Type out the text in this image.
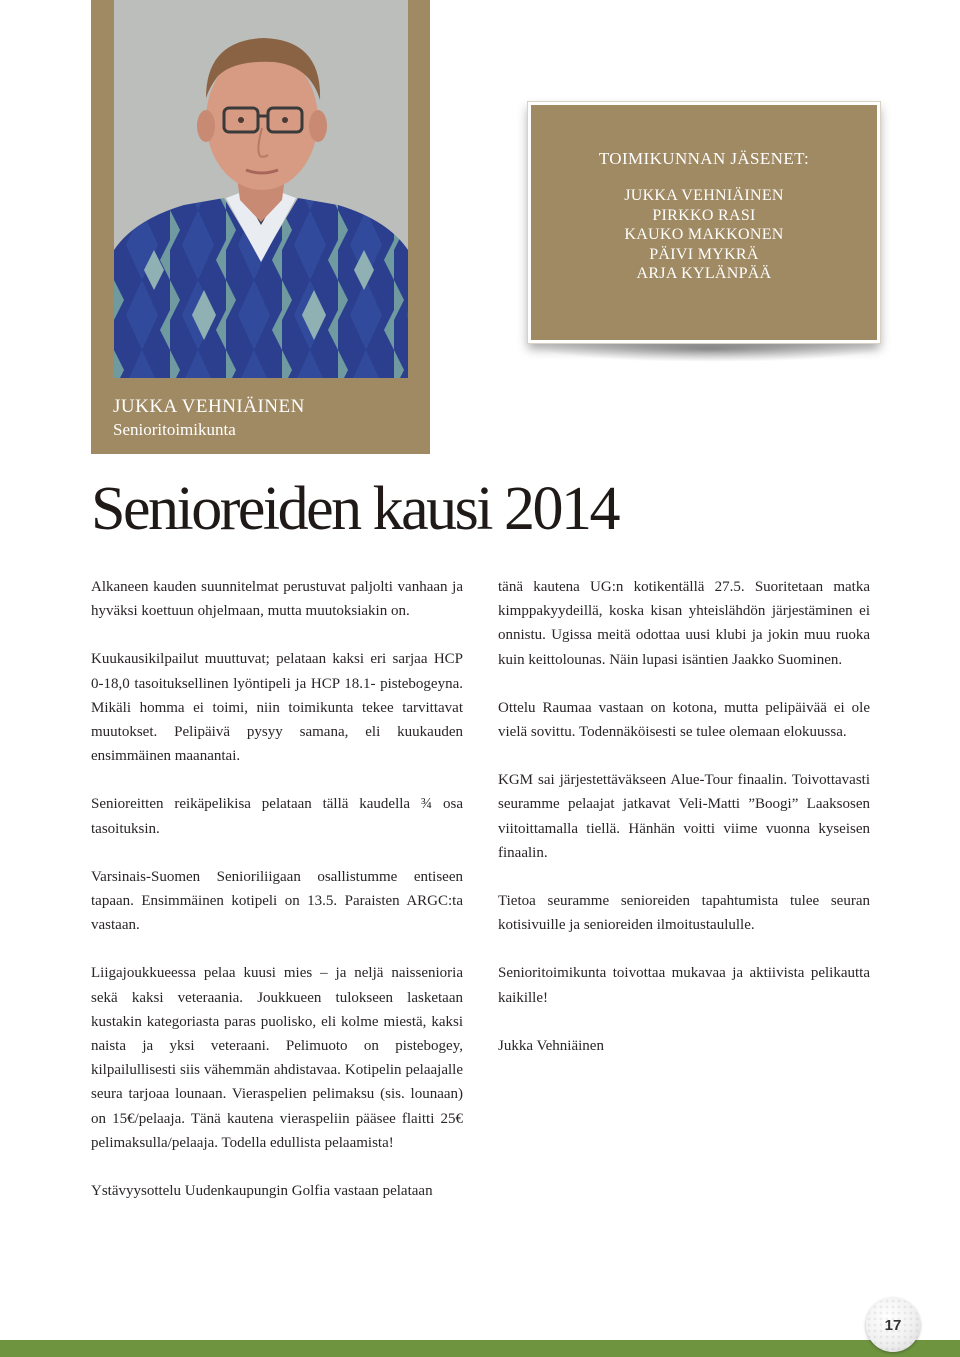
JUKKA VEHNIÄINEN
Senioritoimikunta
TOIMIKUNNAN JÄSENET:
JUKKA VEHNIÄINEN
PIRKKO RASI
KAUKO MAKKONEN
PÄIVI MYKRÄ
ARJA KYLÄNPÄÄ
Senioreiden kausi 2014

Alkaneen kauden suunnitelmat perustuvat paljolti vanhaan ja hyväksi koettuun ohjelmaan, mutta muutoksiakin on.

Kuukausikilpailut muuttuvat; pelataan kaksi eri sarjaa HCP 0-18,0 tasoituksellinen lyöntipeli ja HCP 18.1- pistebogeyna. Mikäli homma ei toimi, niin toimikunta tekee tarvittavat muutokset. Pelipäivä pysyy samana, eli kuukauden ensimmäinen maanantai.

Senioreitten reikäpelikisa pelataan tällä kaudella ¾ osa tasoituksin.

Varsinais-Suomen Senioriliigaan osallistumme entiseen tapaan. Ensimmäinen kotipeli on 13.5. Paraisten ARGC:ta vastaan.

Liigajoukkueessa pelaa kuusi mies – ja neljä naissenioria sekä kaksi veteraania. Joukkueen tulokseen lasketaan kustakin kategoriasta paras puolisko, eli kolme miestä, kaksi naista ja yksi veteraani. Pelimuoto on pistebogey, kilpailullisesti siis vähemmän ahdistavaa. Kotipelin pelaajalle seura tarjoaa lounaan. Vieraspelien pelimaksu (sis. lounaan) on 15€/pelaaja. Tänä kautena vieraspeliin pääsee flaitti 25€ pelimaksulla/pelaaja. Todella edullista pelaamista!

Ystävyysottelu Uudenkaupungin Golfia vastaan pelataan

tänä kautena UG:n kotikentällä 27.5. Suoritetaan matka kimppakyydeillä, koska kisan yhteislähdön järjestäminen ei onnistu. Ugissa meitä odottaa uusi klubi ja jokin muu ruoka kuin keittolounas. Näin lupasi isäntien Jaakko Suominen.

Ottelu Raumaa vastaan on kotona, mutta pelipäivää ei ole vielä sovittu. Todennäköisesti se tulee olemaan elokuussa.

KGM sai järjestettäväkseen Alue-Tour finaalin. Toivottavasti seuramme pelaajat jatkavat Veli-Matti ”Boogi” Laaksosen viitoittamalla tiellä. Hänhän voitti viime vuonna kyseisen finaalin.

Tietoa seuramme senioreiden tapahtumista tulee seuran kotisivuille ja senioreiden ilmoitustaululle.

Senioritoimikunta toivottaa mukavaa ja aktiivista pelikautta kaikille!

Jukka Vehniäinen

17
